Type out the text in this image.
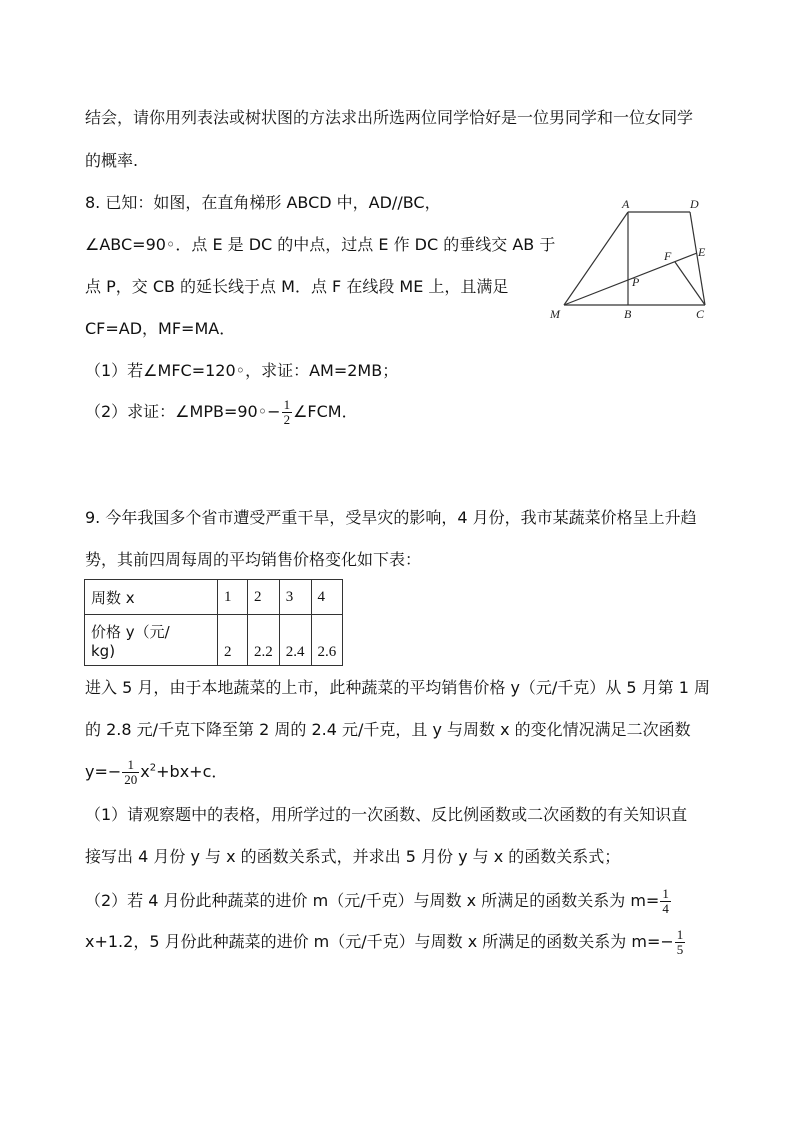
结会，请你用列表法或树状图的方法求出所选两位同学恰好是一位男同学和一位女同学
的概率.
8. 已知：如图，在直角梯形 ABCD 中，AD//BC，
∠ABC=90◦．点 E 是 DC 的中点，过点 E 作 DC 的垂线交 AB 于
点 P，交 CB 的延长线于点 M．点 F 在线段 ME 上，且满足
CF=AD，MF=MA．
（1）若∠MFC=120◦，求证：AM=2MB；
（2）求证：∠MPB=90◦− $\frac{1}{2}$ ∠FCM．
A	D
F E
P
M	B	C
9. 今年我国多个省市遭受严重干旱，受旱灾的影响，4 月份，我市某蔬菜价格呈上升趋
势，其前四周每周的平均销售价格变化如下表：
周数 x	1	2	3	4

价格 y（元/
kg)	2	2.2	2.4	2.6
进入 5 月，由于本地蔬菜的上市，此种蔬菜的平均销售价格 y（元/千克）从 5 月第 1 周
的 2.8 元/千克下降至第 2 周的 2.4 元/千克，且 y 与周数 x 的变化情况满足二次函数
$y=- \frac{1}{20} x^2+bx+c$．
（1）请观察题中的表格，用所学过的一次函数、反比例函数或二次函数的有关知识直
接写出 4 月份 y 与 x 的函数关系式，并求出 5 月份 y 与 x 的函数关系式；
（2）若 4 月份此种蔬菜的进价 m（元/千克）与周数 x 所满足的函数关系为 $m= \frac{1}{4}$
x+1.2，5 月份此种蔬菜的进价 m（元/千克）与周数 x 所满足的函数关系为 $m=- \frac{1}{5}$
